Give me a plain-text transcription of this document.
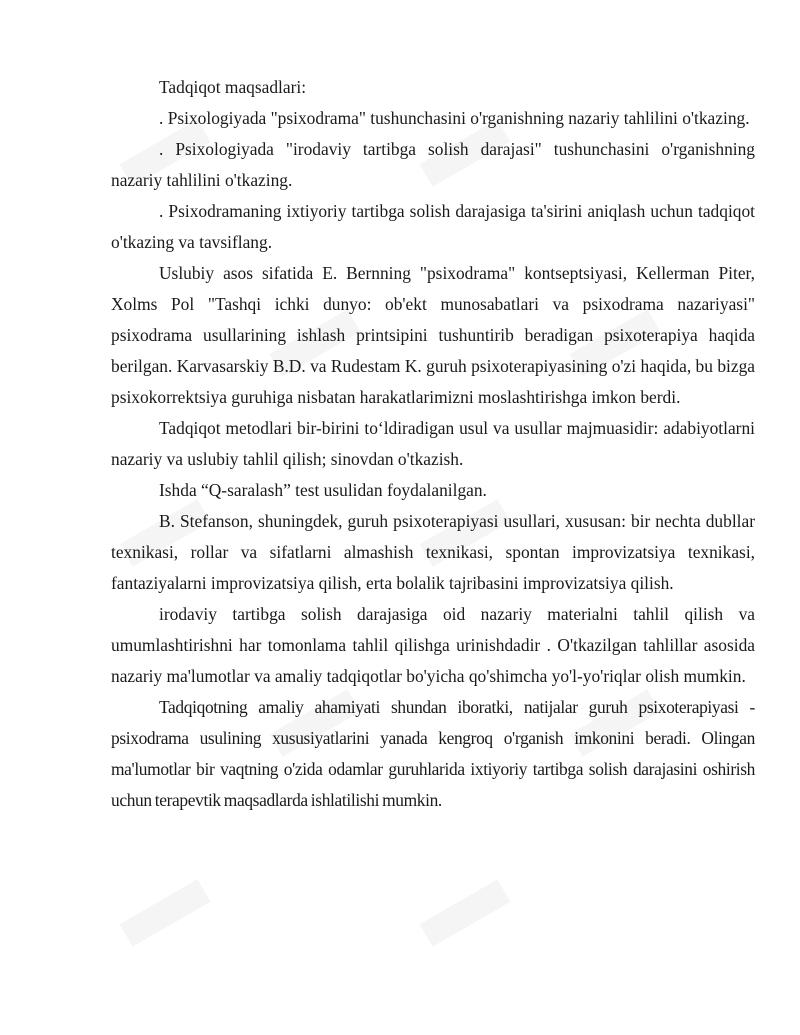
Tadqiqot maqsadlari:

. Psixologiyada "psixodrama" tushunchasini o'rganishning nazariy tahlilini o'tkazing.

. Psixologiyada "irodaviy tartibga solish darajasi" tushunchasini o'rganishning nazariy tahlilini o'tkazing.

. Psixodramaning ixtiyoriy tartibga solish darajasiga ta'sirini aniqlash uchun tadqiqot o'tkazing va tavsiflang.

Uslubiy asos sifatida E. Bernning "psixodrama" kontseptsiyasi, Kellerman Piter, Xolms Pol "Tashqi ichki dunyo: ob'ekt munosabatlari va psixodrama nazariyasi" psixodrama usullarining ishlash printsipini tushuntirib beradigan psixoterapiya haqida berilgan. Karvasarskiy B.D. va Rudestam K. guruh psixoterapiyasining o'zi haqida, bu bizga psixokorrektsiya guruhiga nisbatan harakatlarimizni moslashtirishga imkon berdi.

Tadqiqot metodlari bir-birini to‘ldiradigan usul va usullar majmuasidir: adabiyotlarni nazariy va uslubiy tahlil qilish; sinovdan o'tkazish.

Ishda “Q-saralash” test usulidan foydalanilgan.

B. Stefanson, shuningdek, guruh psixoterapiyasi usullari, xususan: bir nechta dubllar texnikasi, rollar va sifatlarni almashish texnikasi, spontan improvizatsiya texnikasi, fantaziyalarni improvizatsiya qilish, erta bolalik tajribasini improvizatsiya qilish.

irodaviy tartibga solish darajasiga oid nazariy materialni tahlil qilish va umumlashtirishni har tomonlama tahlil qilishga urinishdadir . O'tkazilgan tahlillar asosida nazariy ma'lumotlar va amaliy tadqiqotlar bo'yicha qo'shimcha yo'l-yo'riqlar olish mumkin.

Tadqiqotning amaliy ahamiyati shundan iboratki, natijalar guruh psixoterapiyasi - psixodrama usulining xususiyatlarini yanada kengroq o'rganish imkonini beradi. Olingan ma'lumotlar bir vaqtning o'zida odamlar guruhlarida ixtiyoriy tartibga solish darajasini oshirish uchun terapevtik maqsadlarda ishlatilishi mumkin.
